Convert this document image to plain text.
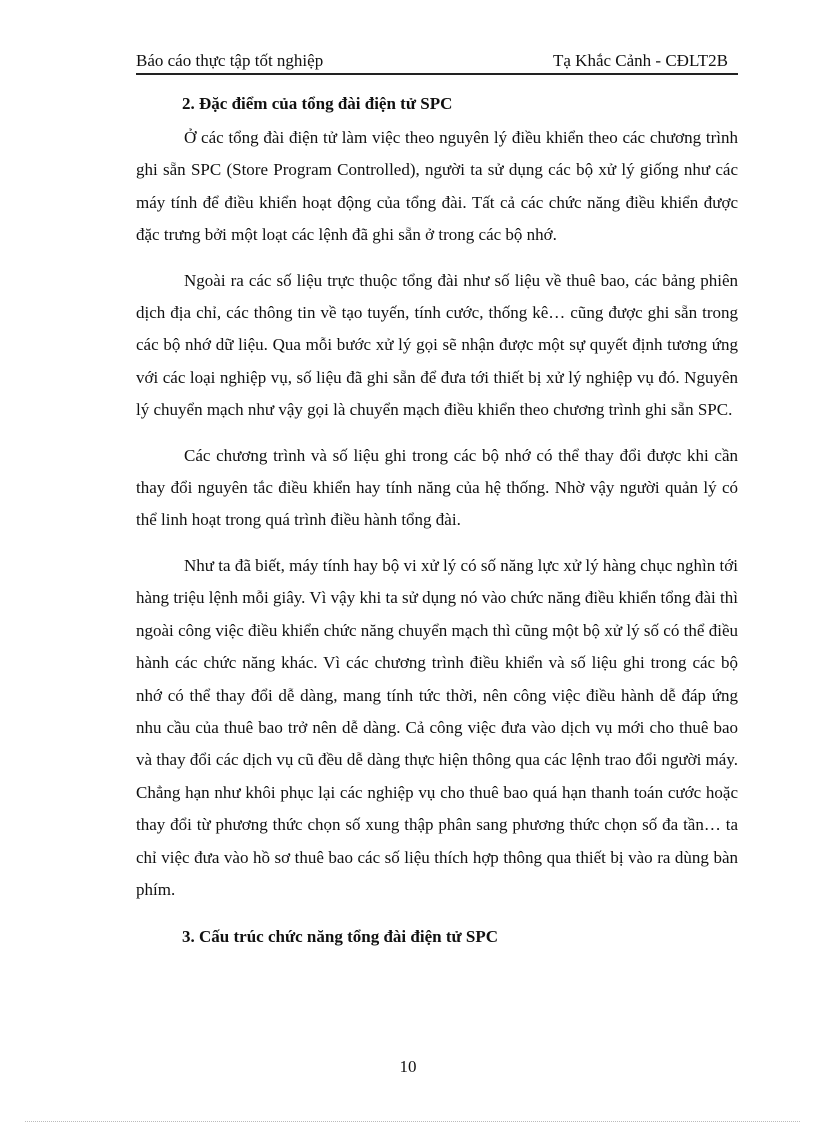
Báo cáo thực tập tốt nghiệp	Tạ Khắc Cảnh - CĐLT2B
2. Đặc điểm của tổng đài điện tử SPC

Ở các tổng đài điện tử làm việc theo nguyên lý điều khiển theo các chương trình ghi sẵn SPC (Store Program Controlled), người ta sử dụng các bộ xử lý giống như các máy tính để điều khiển hoạt động của tổng đài. Tất cả các chức năng điều khiển được đặc trưng bởi một loạt các lệnh đã ghi sẵn ở trong các bộ nhớ.

Ngoài ra các số liệu trực thuộc tổng đài như số liệu về thuê bao, các bảng phiên dịch địa chỉ, các thông tin về tạo tuyến, tính cước, thống kê… cũng được ghi sẵn trong các bộ nhớ dữ liệu. Qua mỗi bước xử lý gọi sẽ nhận được một sự quyết định tương ứng với các loại nghiệp vụ, số liệu đã ghi sẵn để đưa tới thiết bị xử lý nghiệp vụ đó. Nguyên lý chuyển mạch như vậy gọi là chuyển mạch điều khiển theo chương trình ghi sẵn SPC.

Các chương trình và số liệu ghi trong các bộ nhớ có thể thay đổi được khi cần thay đổi nguyên tắc điều khiển hay tính năng của hệ thống. Nhờ vậy người quản lý có thể linh hoạt trong quá trình điều hành tổng đài.

Như ta đã biết, máy tính hay bộ vi xử lý có số năng lực xử lý hàng chục nghìn tới hàng triệu lệnh mỗi giây. Vì vậy khi ta sử dụng nó vào chức năng điều khiển tổng đài thì ngoài công việc điều khiển chức năng chuyển mạch thì cũng một bộ xử lý số có thể điều hành các chức năng khác. Vì các chương trình điều khiển và số liệu ghi trong các bộ nhớ có thể thay đổi dễ dàng, mang tính tức thời, nên công việc điều hành dễ đáp ứng nhu cầu của thuê bao trở nên dễ dàng. Cả công việc đưa vào dịch vụ mới cho thuê bao và thay đổi các dịch vụ cũ đều dễ dàng thực hiện thông qua các lệnh trao đổi người máy. Chẳng hạn như khôi phục lại các nghiệp vụ cho thuê bao quá hạn thanh toán cước hoặc thay đổi từ phương thức chọn số xung thập phân sang phương thức chọn số đa tần… ta chỉ việc đưa vào hồ sơ thuê bao các số liệu thích hợp thông qua thiết bị vào ra dùng bàn phím.

3. Cấu trúc chức năng tổng đài điện tử SPC
10
